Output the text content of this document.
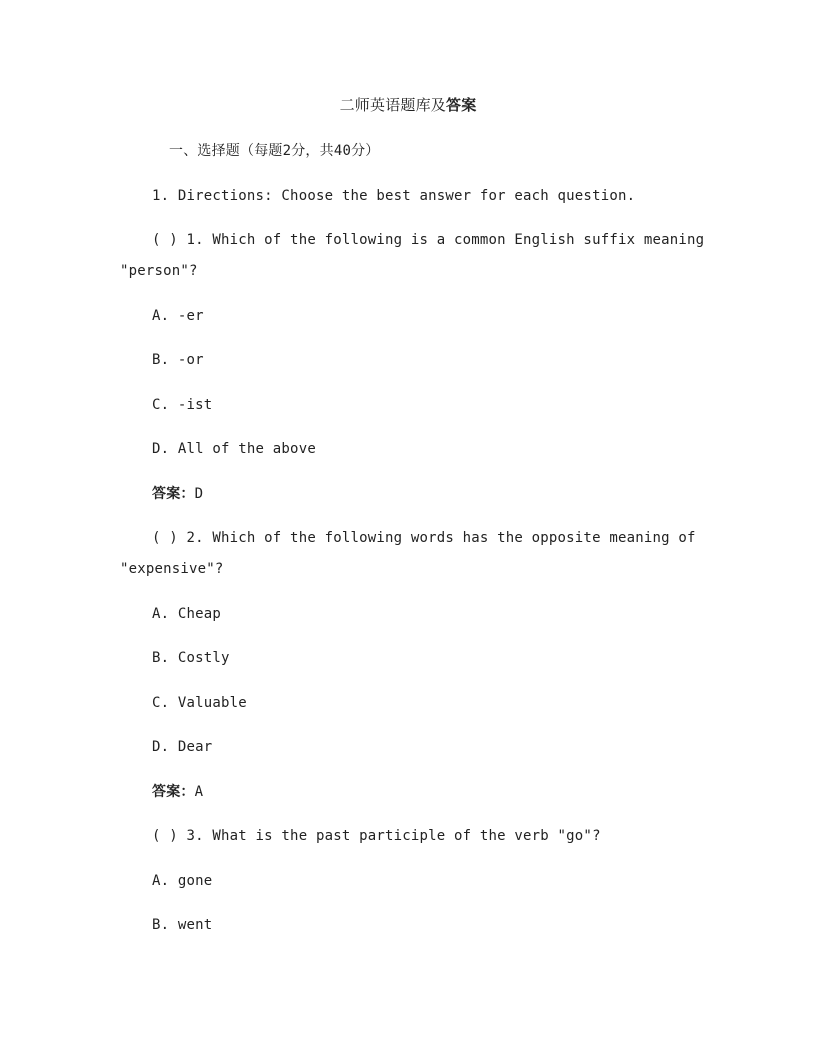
二师英语题库及答案
一、选择题（每题2分，共40分）
1. Directions: Choose the best answer for each question.
( ) 1. Which of the following is a common English suffix meaning
"person"?
A. -er
B. -or
C. -ist
D. All of the above
答案：D
( ) 2. Which of the following words has the opposite meaning of
"expensive"?
A. Cheap
B. Costly
C. Valuable
D. Dear
答案：A
( ) 3. What is the past participle of the verb "go"?
A. gone
B. went
